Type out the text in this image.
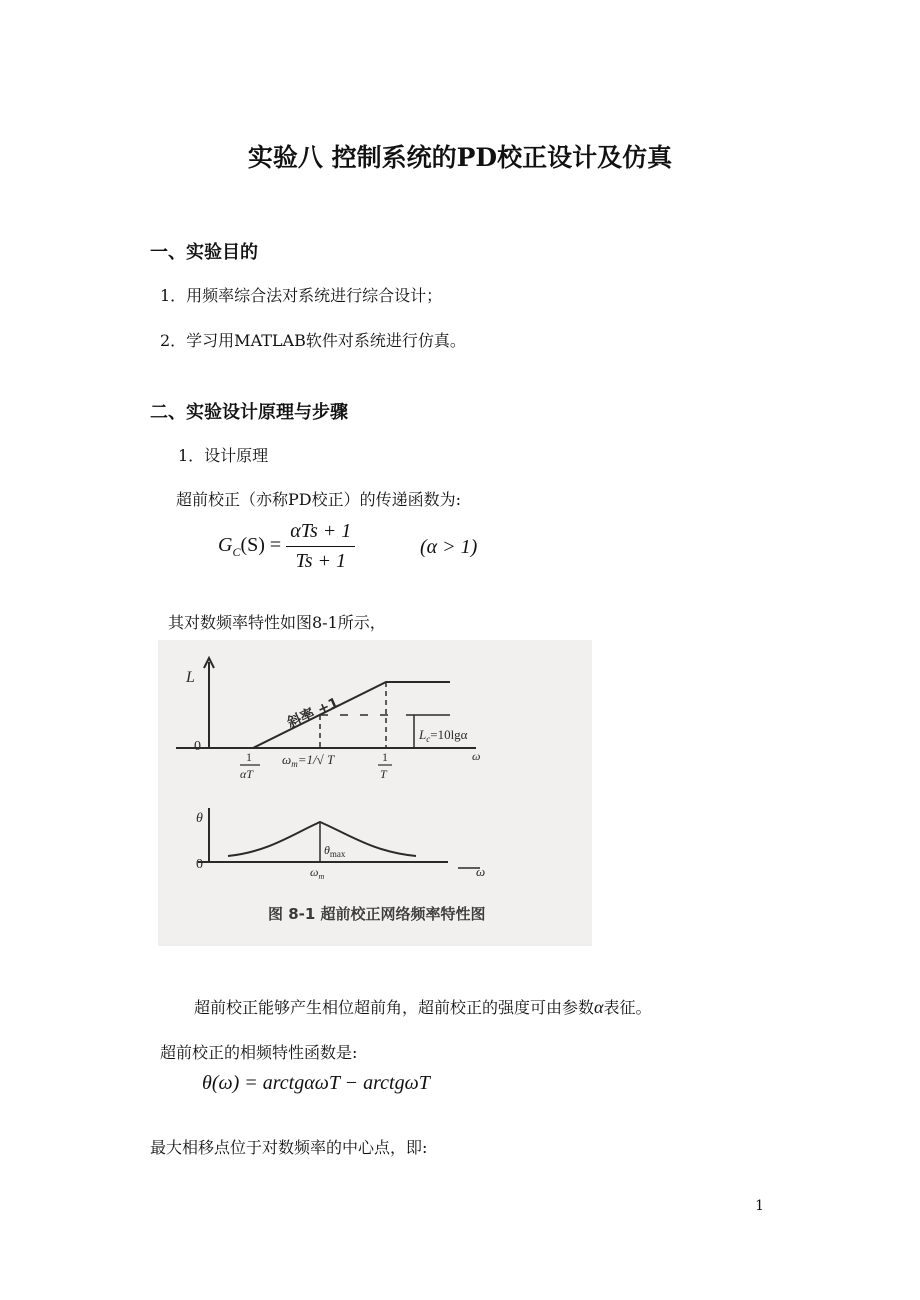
实验八 控制系统的PD校正设计及仿真
一、实验目的
1．用频率综合法对系统进行综合设计；
2．学习用MATLAB软件对系统进行仿真。
二、实验设计原理与步骤
1．设计原理
超前校正（亦称PD校正）的传递函数为:
$G_C(S) = \frac{\text{αTs + 1}}{Ts + 1}$	(α > 1)
其对数频率特性如图8-1所示，
L
0
斜率 +1
$L_c=10\lg\alpha$
ω
1
αT
$\omega_m=1/√$ T	1
T
θ
0
$\theta_{max}$
$\omega_m$	ω
图 8-1 超前校正网络频率特性图
超前校正能够产生相位超前角，超前校正的强度可由参数α表征。
超前校正的相频特性函数是:
θ(ω) = arctgαωT − arctgωT
最大相移点位于对数频率的中心点，即:
1
